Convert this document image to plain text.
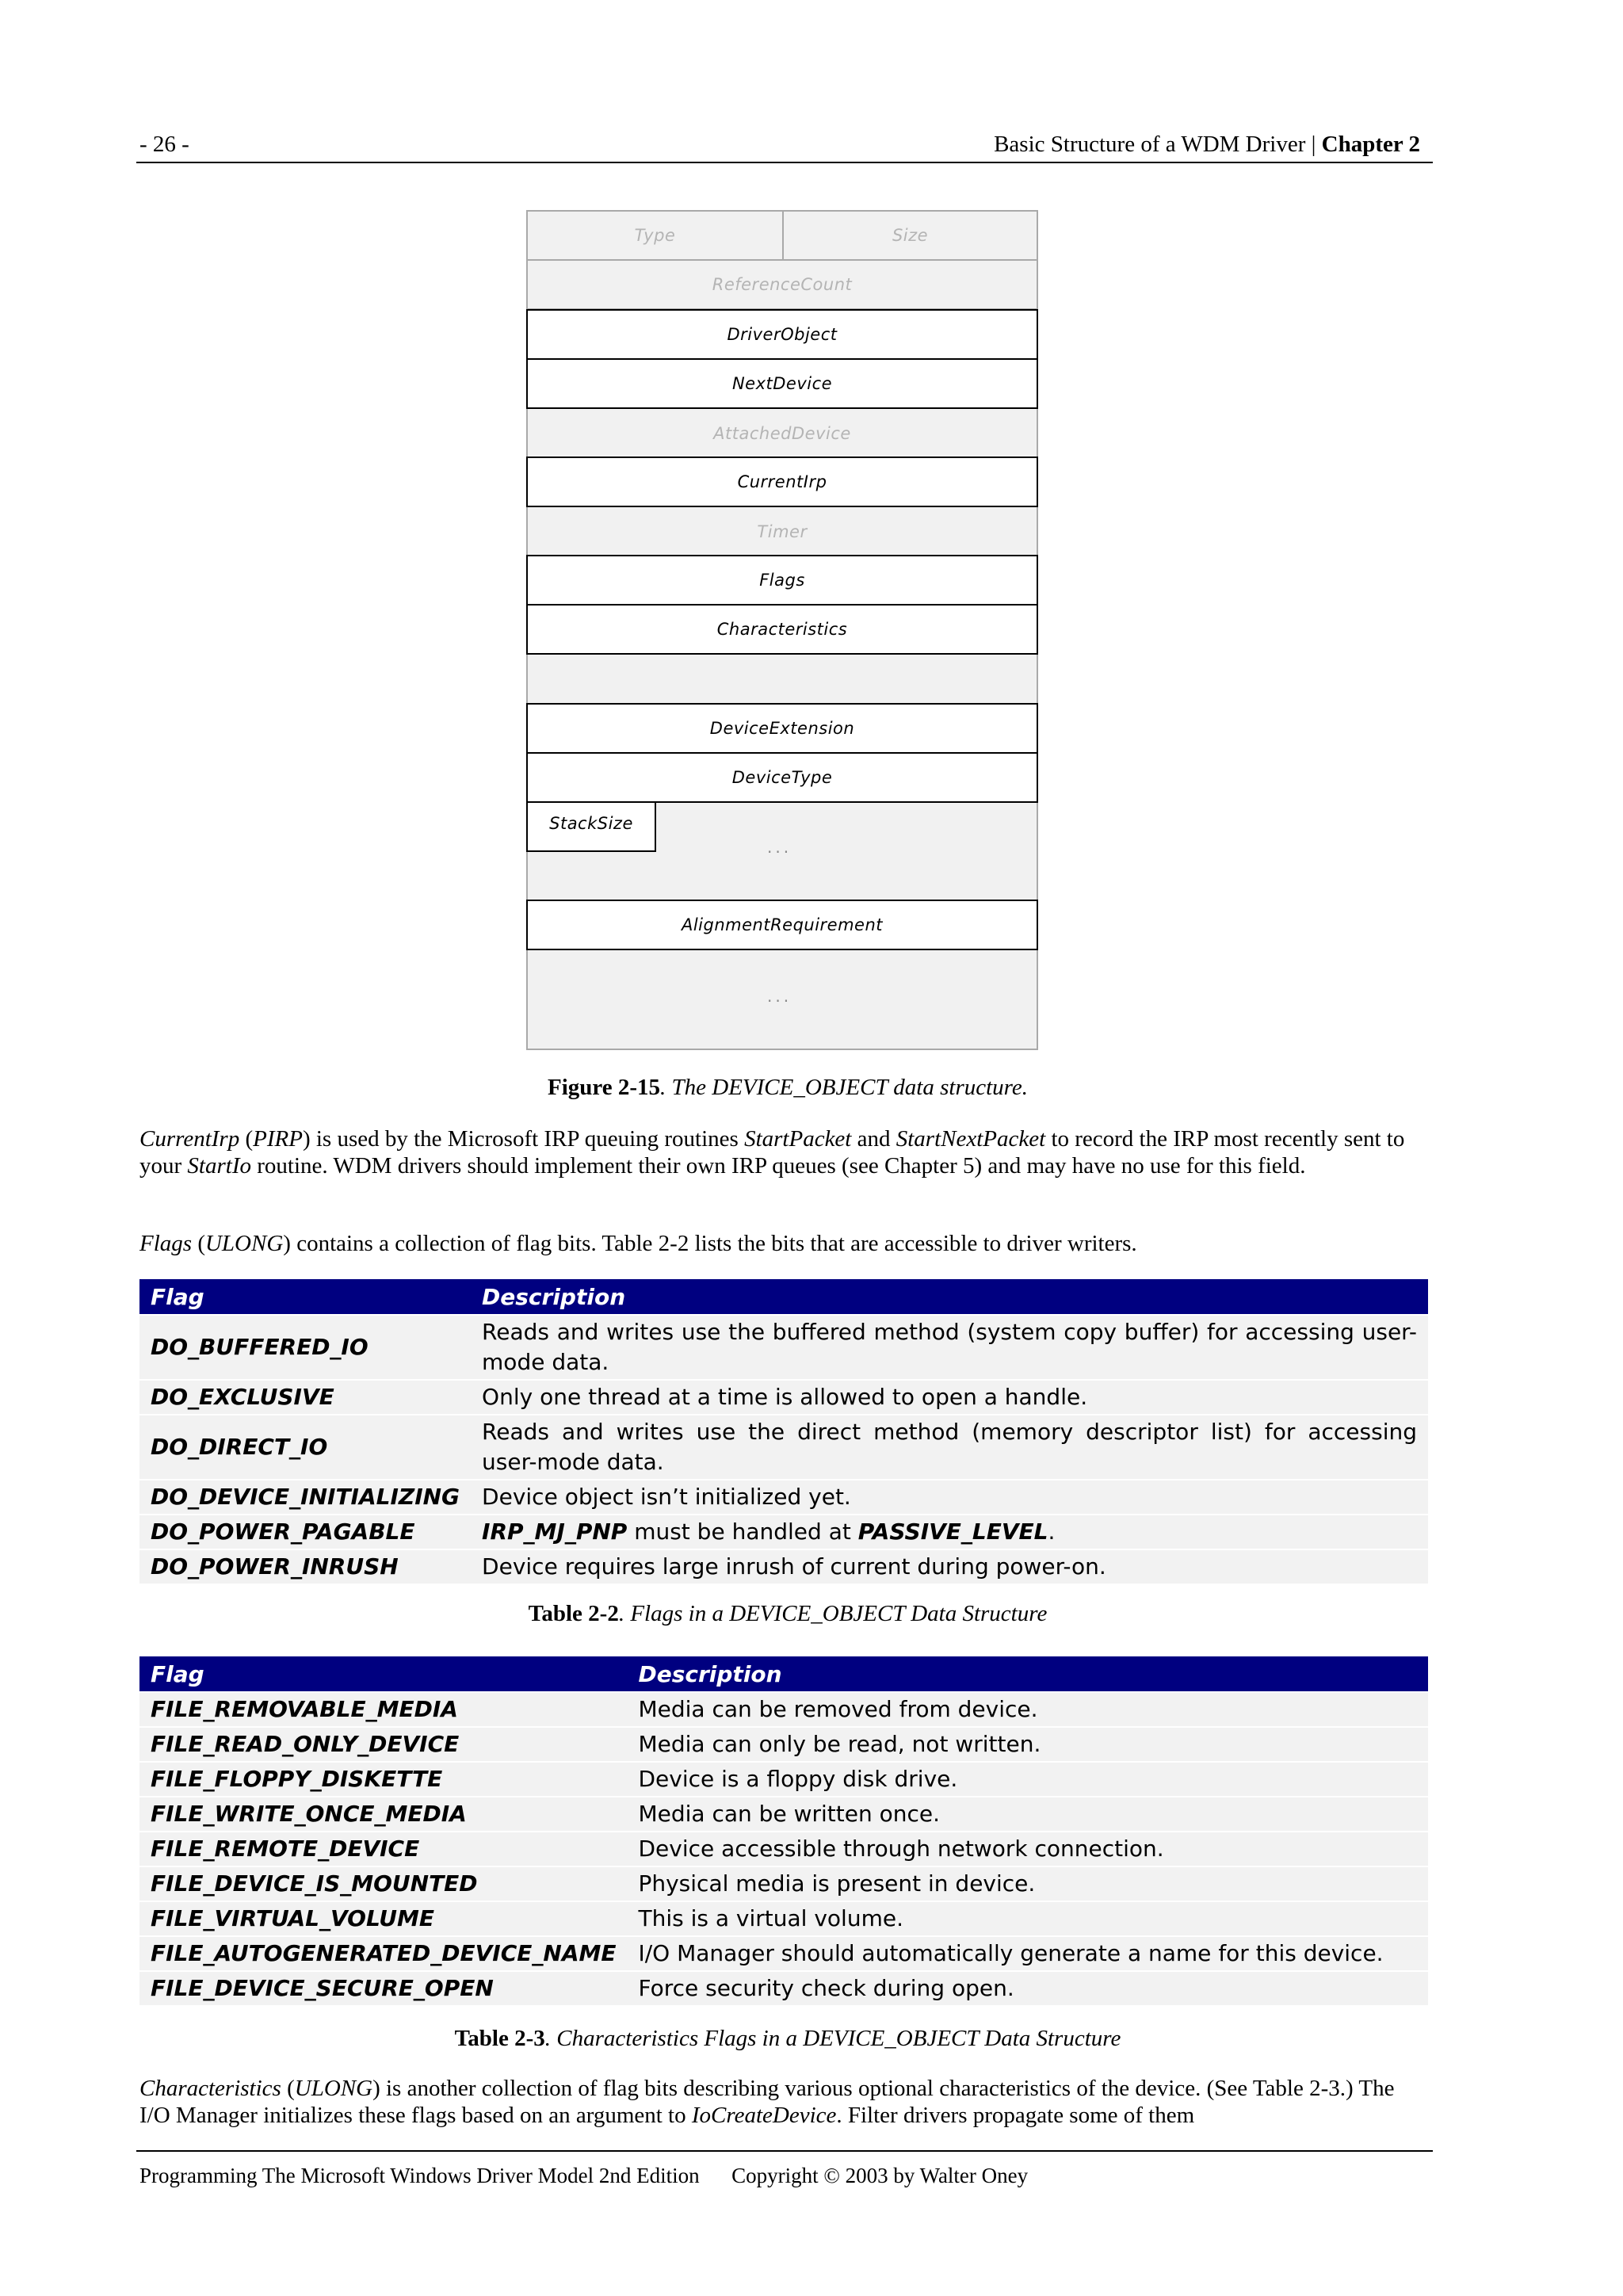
- 26 -	Basic Structure of a WDM Driver | Chapter 2
Type	Size
ReferenceCount
DriverObject
NextDevice
AttachedDevice
CurrentIrp
Timer
Flags
Characteristics
DeviceExtension
DeviceType
StackSize
...
AlignmentRequirement
...
Figure 2-15. The DEVICE_OBJECT data structure.
CurrentIrp (PIRP) is used by the Microsoft IRP queuing routines StartPacket and StartNextPacket to record the IRP most recently sent to your StartIo routine. WDM drivers should implement their own IRP queues (see Chapter 5) and may have no use for this field.
Flags (ULONG) contains a collection of flag bits. Table 2-2 lists the bits that are accessible to driver writers.
Flag	Description
DO_BUFFERED_IO	Reads and writes use the buffered method (system copy buffer) for accessing user-mode data.
DO_EXCLUSIVE	Only one thread at a time is allowed to open a handle.
DO_DIRECT_IO	Reads and writes use the direct method (memory descriptor list) for accessing user-mode data.
DO_DEVICE_INITIALIZING	Device object isn’t initialized yet.
DO_POWER_PAGABLE	IRP_MJ_PNP must be handled at PASSIVE_LEVEL.
DO_POWER_INRUSH	Device requires large inrush of current during power-on.
Table 2-2. Flags in a DEVICE_OBJECT Data Structure
Flag	Description
FILE_REMOVABLE_MEDIA	Media can be removed from device.
FILE_READ_ONLY_DEVICE	Media can only be read, not written.
FILE_FLOPPY_DISKETTE	Device is a floppy disk drive.
FILE_WRITE_ONCE_MEDIA	Media can be written once.
FILE_REMOTE_DEVICE	Device accessible through network connection.
FILE_DEVICE_IS_MOUNTED	Physical media is present in device.
FILE_VIRTUAL_VOLUME	This is a virtual volume.
FILE_AUTOGENERATED_DEVICE_NAME	I/O Manager should automatically generate a name for this device.
FILE_DEVICE_SECURE_OPEN	Force security check during open.
Table 2-3. Characteristics Flags in a DEVICE_OBJECT Data Structure
Characteristics (ULONG) is another collection of flag bits describing various optional characteristics of the device. (See Table 2-3.) The I/O Manager initializes these flags based on an argument to IoCreateDevice. Filter drivers propagate some of them
Programming The Microsoft Windows Driver Model 2nd Edition      Copyright © 2003 by Walter Oney
